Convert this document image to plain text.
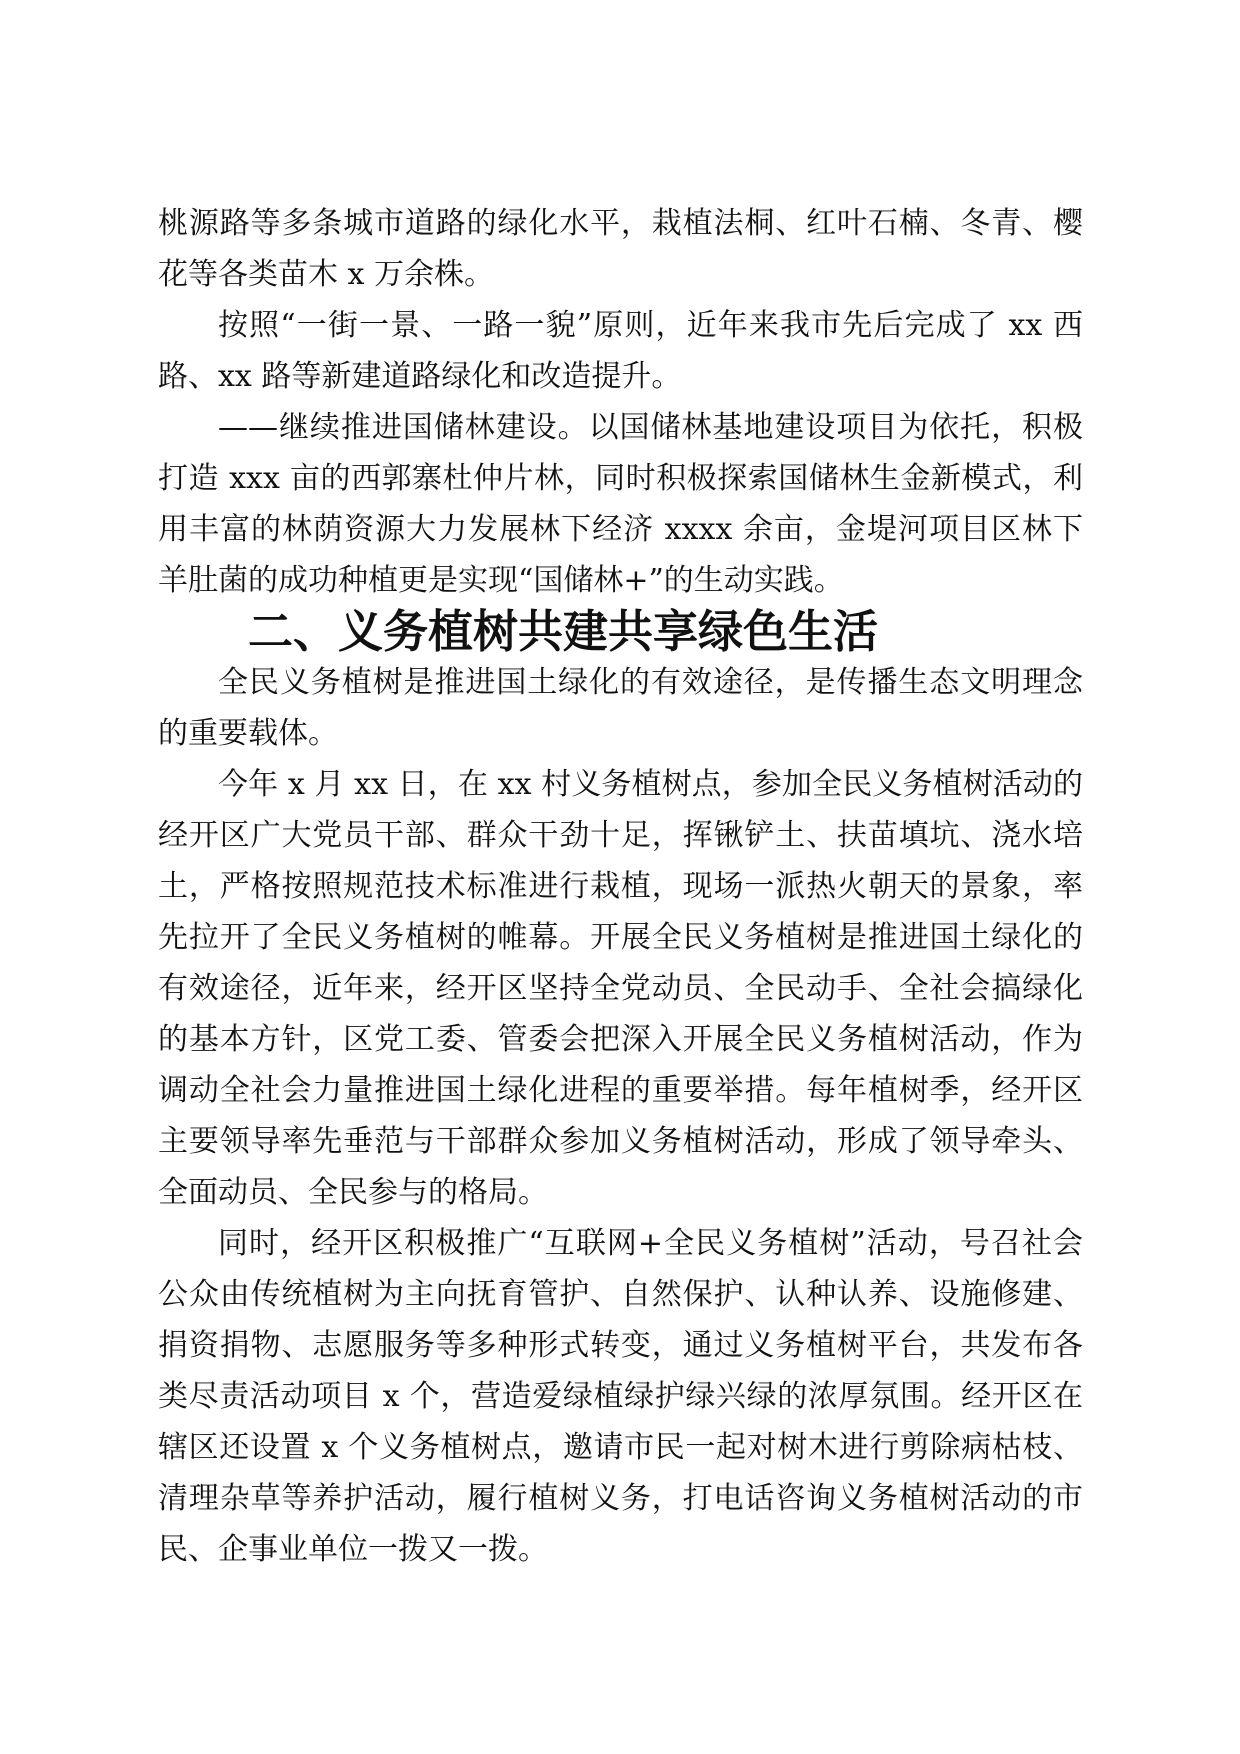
桃源路等多条城市道路的绿化水平，栽植法桐、红叶石楠、冬青、樱花等各类苗木 x 万余株。

按照“一街一景、一路一貌”原则，近年来我市先后完成了 xx 西路、xx 路等新建道路绿化和改造提升。

——继续推进国储林建设。以国储林基地建设项目为依托，积极打造 xxx 亩的西郭寨杜仲片林，同时积极探索国储林生金新模式，利用丰富的林荫资源大力发展林下经济 xxxx 余亩，金堤河项目区林下羊肚菌的成功种植更是实现“国储林+”的生动实践。

二、义务植树共建共享绿色生活

全民义务植树是推进国土绿化的有效途径，是传播生态文明理念的重要载体。

今年 x 月 xx 日，在 xx 村义务植树点，参加全民义务植树活动的经开区广大党员干部、群众干劲十足，挥锹铲土、扶苗填坑、浇水培土，严格按照规范技术标准进行栽植，现场一派热火朝天的景象，率先拉开了全民义务植树的帷幕。开展全民义务植树是推进国土绿化的有效途径，近年来，经开区坚持全党动员、全民动手、全社会搞绿化的基本方针，区党工委、管委会把深入开展全民义务植树活动，作为调动全社会力量推进国土绿化进程的重要举措。每年植树季，经开区主要领导率先垂范与干部群众参加义务植树活动，形成了领导牵头、全面动员、全民参与的格局。

同时，经开区积极推广“互联网+全民义务植树”活动，号召社会公众由传统植树为主向抚育管护、自然保护、认种认养、设施修建、捐资捐物、志愿服务等多种形式转变，通过义务植树平台，共发布各类尽责活动项目 x 个，营造爱绿植绿护绿兴绿的浓厚氛围。经开区在辖区还设置 x 个义务植树点，邀请市民一起对树木进行剪除病枯枝、清理杂草等养护活动，履行植树义务，打电话咨询义务植树活动的市民、企事业单位一拨又一拨。
